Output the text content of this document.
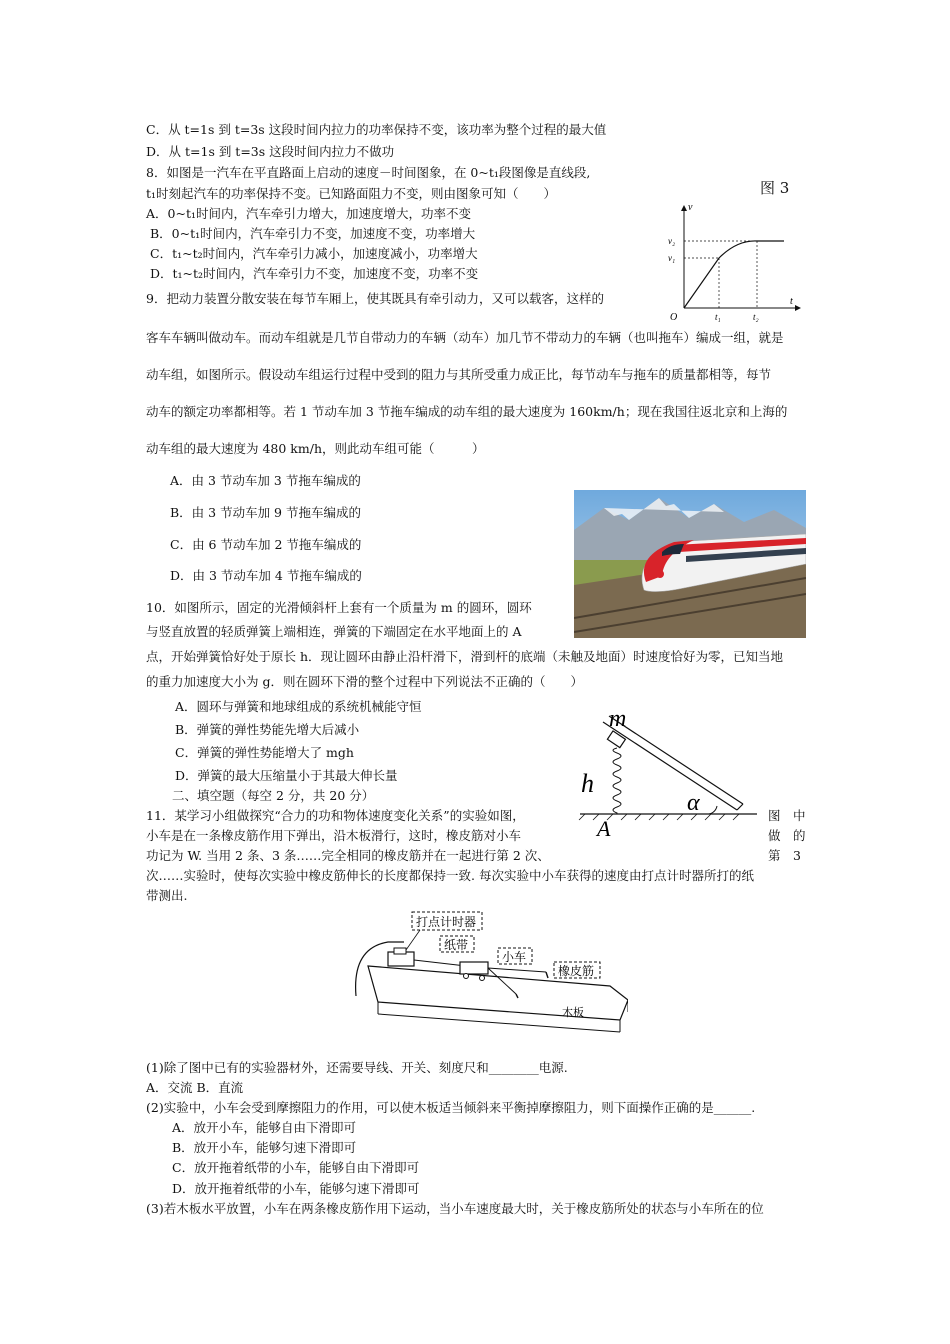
C．从 t=1s 到 t=3s 这段时间内拉力的功率保持不变，该功率为整个过程的最大值
D．从 t=1s 到 t=3s 这段时间内拉力不做功
8．如图是一汽车在平直路面上启动的速度－时间图象，在 0~t₁段图像是直线段,
t₁时刻起汽车的功率保持不变。已知路面阻力不变，则由图象可知（　　）
A．0~t₁时间内，汽车牵引力增大，加速度增大，功率不变
B．0~t₁时间内，汽车牵引力不变，加速度不变，功率增大
C．t₁~t₂时间内，汽车牵引力减小，加速度减小，功率增大
D．t₁~t₂时间内，汽车牵引力不变，加速度不变，功率不变
图 3
v
t
O
v₁
v₂
t₁	t₂
9．把动力装置分散安装在每节车厢上，使其既具有牵引动力，又可以载客，这样的
客车车辆叫做动车。而动车组就是几节自带动力的车辆（动车）加几节不带动力的车辆（也叫拖车）编成一组，就是
动车组，如图所示。假设动车组运行过程中受到的阻力与其所受重力成正比，每节动车与拖车的质量都相等，每节
动车的额定功率都相等。若 1 节动车加 3 节拖车编成的动车组的最大速度为 160km/h；现在我国往返北京和上海的
动车组的最大速度为 480 km/h，则此动车组可能（　　　）
A．由 3 节动车加 3 节拖车编成的
B．由 3 节动车加 9 节拖车编成的
C．由 6 节动车加 2 节拖车编成的
D．由 3 节动车加 4 节拖车编成的
10．如图所示，固定的光滑倾斜杆上套有一个质量为 m 的圆环，圆环
与竖直放置的轻质弹簧上端相连，弹簧的下端固定在水平地面上的 A
点，开始弹簧恰好处于原长 h．现让圆环由静止沿杆滑下，滑到杆的底端（未触及地面）时速度恰好为零，已知当地
的重力加速度大小为 g．则在圆环下滑的整个过程中下列说法不正确的（　　）
A．圆环与弹簧和地球组成的系统机械能守恒
B．弹簧的弹性势能先增大后减小
C．弹簧的弹性势能增大了 mgh
D．弹簧的最大压缩量小于其最大伸长量
m
h
A
α
二、填空题（每空 2 分，共 20 分）
11．某学习小组做探究“合力的功和物体速度变化关系”的实验如图，	图　中
小车是在一条橡皮筋作用下弹出，沿木板滑行，这时，橡皮筋对小车	做　的
功记为 W. 当用 2 条、3 条……完全相同的橡皮筋并在一起进行第 2 次、	第　3
次……实验时，使每次实验中橡皮筋伸长的长度都保持一致. 每次实验中小车获得的速度由打点计时器所打的纸
带测出.
打点计时器
纸带
小车
橡皮筋
木板
(1)除了图中已有的实验器材外，还需要导线、开关、刻度尺和________电源.
A．交流 B．直流
(2)实验中，小车会受到摩擦阻力的作用，可以使木板适当倾斜来平衡掉摩擦阻力，则下面操作正确的是______.
A．放开小车，能够自由下滑即可
B．放开小车，能够匀速下滑即可
C．放开拖着纸带的小车，能够自由下滑即可
D．放开拖着纸带的小车，能够匀速下滑即可
(3)若木板水平放置，小车在两条橡皮筋作用下运动，当小车速度最大时，关于橡皮筋所处的状态与小车所在的位
